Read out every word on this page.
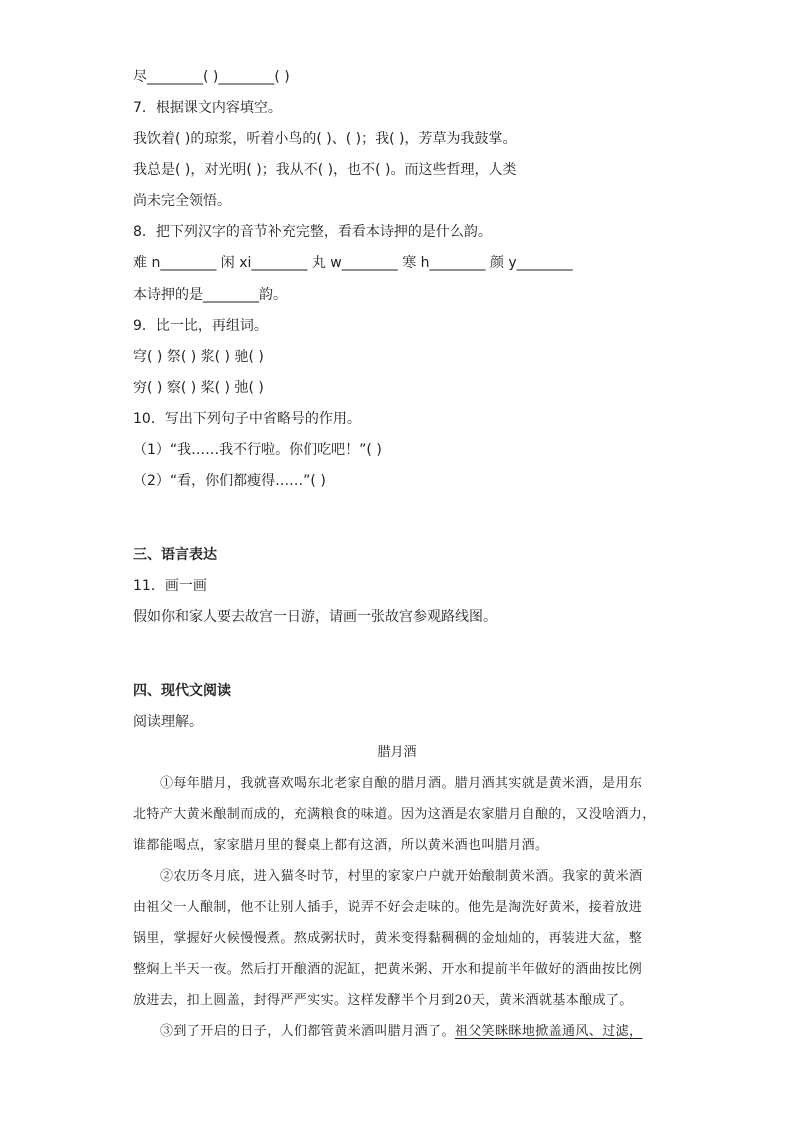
尽________( )________( )
7．根据课文内容填空。
我饮着( )的琼浆，听着小鸟的( )、( )；我( )，芳草为我鼓掌。
我总是( )，对光明( )；我从不( )，也不( )。而这些哲理，人类
尚未完全领悟。
8．把下列汉字的音节补充完整，看看本诗押的是什么韵。
难 n________ 闲 xi________ 丸 w________ 寒 h________ 颜 y________
本诗押的是________韵。
9．比一比，再组词。
穹( ) 祭( ) 浆( ) 驰( )
穷( ) 察( ) 桨( ) 弛( )
10．写出下列句子中省略号的作用。
（1）“我……我不行啦。你们吃吧！”( )
（2）“看，你们都瘦得……”( )
三、语言表达
11．画一画
假如你和家人要去故宫一日游，请画一张故宫参观路线图。
四、现代文阅读
阅读理解。
腊月酒
①每年腊月，我就喜欢喝东北老家自酿的腊月酒。腊月酒其实就是黄米酒，是用东
北特产大黄米酿制而成的，充满粮食的味道。因为这酒是农家腊月自酿的，又没啥酒力，
谁都能喝点，家家腊月里的餐桌上都有这酒，所以黄米酒也叫腊月酒。
②农历冬月底，进入猫冬时节，村里的家家户户就开始酿制黄米酒。我家的黄米酒
由祖父一人酿制，他不让别人插手，说弄不好会走味的。他先是淘洗好黄米，接着放进
锅里，掌握好火候慢慢煮。熬成粥状时，黄米变得黏稠稠的金灿灿的，再装进大盆，整
整焖上半天一夜。然后打开酿酒的泥缸，把黄米粥、开水和提前半年做好的酒曲按比例
放进去，扣上圆盖，封得严严实实。这样发酵半个月到20天，黄米酒就基本酿成了。
③到了开启的日子，人们都管黄米酒叫腊月酒了。祖父笑眯眯地掀盖通风、过滤，
